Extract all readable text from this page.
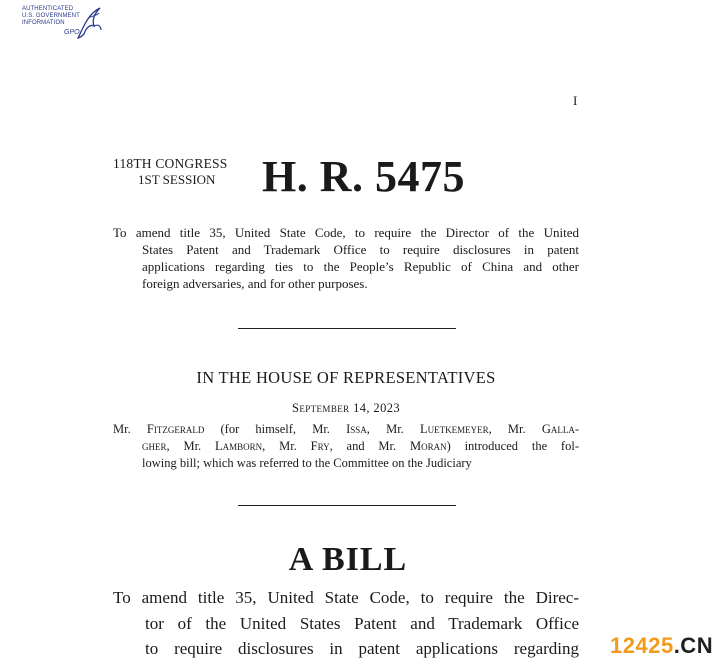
AUTHENTICATED
U.S. GOVERNMENT
INFORMATION
GPO
I
118TH CONGRESS
1ST SESSION H. R. 5475
To amend title 35, United State Code, to require the Director of the United
States Patent and Trademark Office to require disclosures in patent
applications regarding ties to the People’s Republic of China and other
foreign adversaries, and for other purposes.
IN THE HOUSE OF REPRESENTATIVES
September 14, 2023
Mr. Fitzgerald (for himself, Mr. Issa, Mr. Luetkemeyer, Mr. Galla-
gher, Mr. Lamborn, Mr. Fry, and Mr. Moran) introduced the fol-
lowing bill; which was referred to the Committee on the Judiciary
A BILL
To amend title 35, United State Code, to require the Direc-
tor of the United States Patent and Trademark Office
to require disclosures in patent applications regarding 12425.CN
